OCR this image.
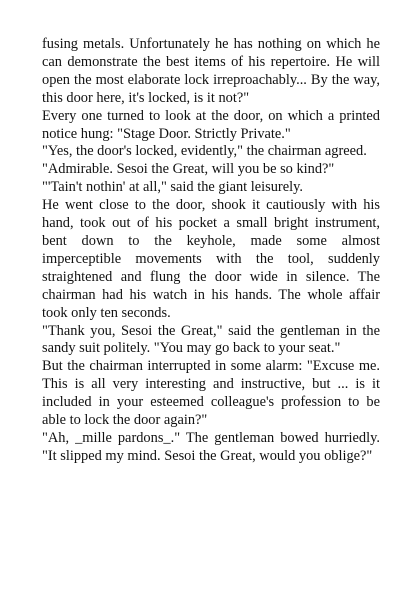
fusing metals. Unfortunately he has nothing on which he can demonstrate the best items of his repertoire. He will open the most elaborate lock irreproachably... By the way, this door here, it's locked, is it not?"

Every one turned to look at the door, on which a printed notice hung: "Stage Door. Strictly Private."

"Yes, the door's locked, evidently," the chairman agreed.

"Admirable. Sesoi the Great, will you be so kind?"

"'Tain't nothin' at all," said the giant leisurely.

He went close to the door, shook it cautiously with his hand, took out of his pocket a small bright instrument, bent down to the keyhole, made some almost imperceptible movements with the tool, suddenly straightened and flung the door wide in silence. The chairman had his watch in his hands. The whole affair took only ten seconds.

"Thank you, Sesoi the Great," said the gentleman in the sandy suit politely. "You may go back to your seat."

But the chairman interrupted in some alarm: "Excuse me. This is all very interesting and instructive, but ... is it included in your esteemed colleague's profession to be able to lock the door again?"

"Ah, _mille pardons_." The gentleman bowed hurriedly. "It slipped my mind. Sesoi the Great, would you oblige?"
